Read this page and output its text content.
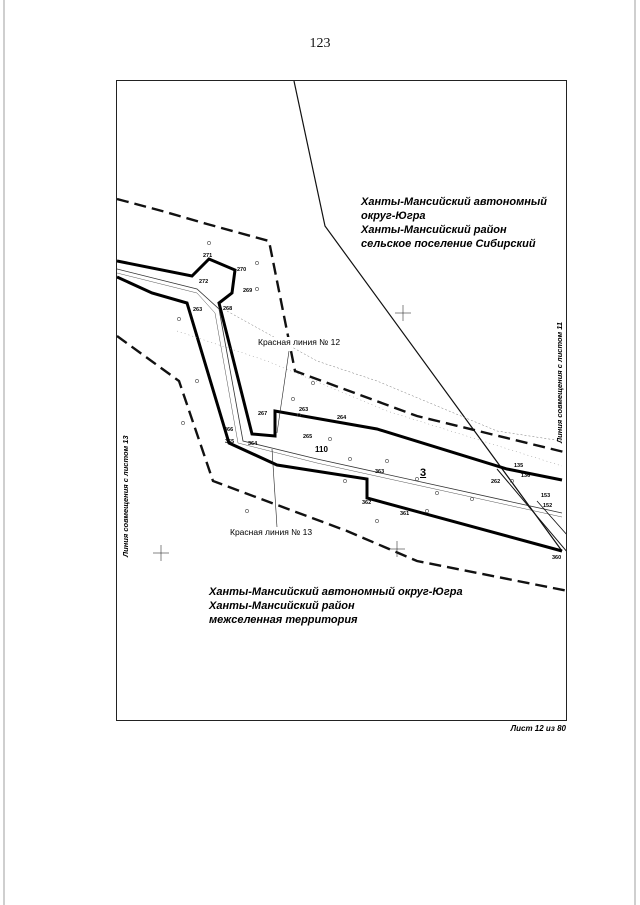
123
Ханты-Мансийский автономный
округ-Югра
Ханты-Мансийский район
сельское поселение Сибирский
Ханты-Мансийский автономный округ-Югра
Ханты-Мансийский район
межселенная территория
Красная линия № 12
Красная линия № 13
Линия совмещения с листом 13
Линия совмещения с листом 11
3
110
271
270
272
269
268
267
366
365	364
263
264
265
262
363
362
361
263
135
136
153
152
360
Лист 12 из 80
